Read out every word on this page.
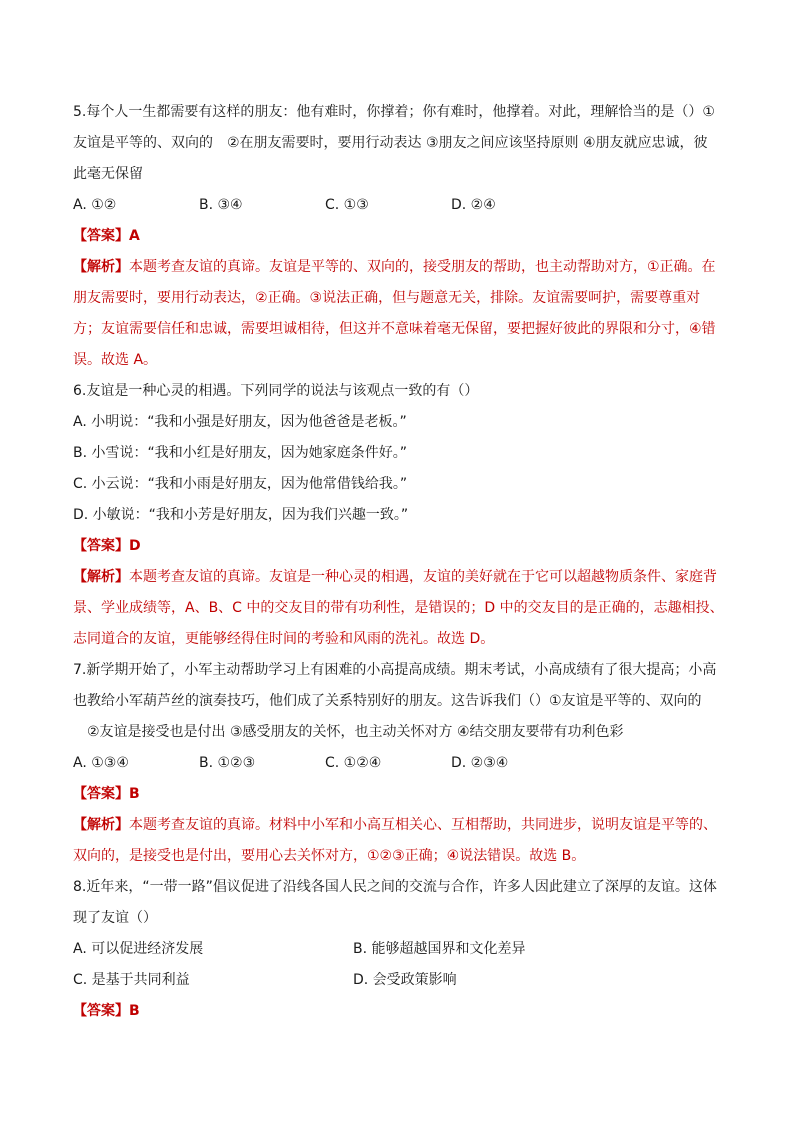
5.每个人一生都需要有这样的朋友：他有难时，你撑着；你有难时，他撑着。对此，理解恰当的是（）①
友谊是平等的、双向的　②在朋友需要时，要用行动表达 ③朋友之间应该坚持原则 ④朋友就应忠诚，彼
此毫无保留
A. ①②	B. ③④	C. ①③	D. ②④
【答案】A
【解析】本题考查友谊的真谛。友谊是平等的、双向的，接受朋友的帮助，也主动帮助对方，①正确。在
朋友需要时，要用行动表达，②正确。③说法正确，但与题意无关，排除。友谊需要呵护，需要尊重对
方；友谊需要信任和忠诚，需要坦诚相待，但这并不意味着毫无保留，要把握好彼此的界限和分寸，④错
误。故选 A。
6.友谊是一种心灵的相遇。下列同学的说法与该观点一致的有（）
A. 小明说：“我和小强是好朋友，因为他爸爸是老板。”
B. 小雪说：“我和小红是好朋友，因为她家庭条件好。”
C. 小云说：“我和小雨是好朋友，因为他常借钱给我。”
D. 小敏说：“我和小芳是好朋友，因为我们兴趣一致。”
【答案】D
【解析】本题考查友谊的真谛。友谊是一种心灵的相遇，友谊的美好就在于它可以超越物质条件、家庭背
景、学业成绩等，A、B、C 中的交友目的带有功利性，是错误的；D 中的交友目的是正确的，志趣相投、
志同道合的友谊，更能够经得住时间的考验和风雨的洗礼。故选 D。
7.新学期开始了，小军主动帮助学习上有困难的小高提高成绩。期末考试，小高成绩有了很大提高；小高
也教给小军葫芦丝的演奏技巧，他们成了关系特别好的朋友。这告诉我们（）①友谊是平等的、双向的
　②友谊是接受也是付出 ③感受朋友的关怀，也主动关怀对方 ④结交朋友要带有功利色彩
A. ①③④	B. ①②③	C. ①②④	D. ②③④
【答案】B
【解析】本题考查友谊的真谛。材料中小军和小高互相关心、互相帮助，共同进步，说明友谊是平等的、
双向的，是接受也是付出，要用心去关怀对方，①②③正确；④说法错误。故选 B。
8.近年来，“一带一路”倡议促进了沿线各国人民之间的交流与合作，许多人因此建立了深厚的友谊。这体
现了友谊（）
A. 可以促进经济发展	B. 能够超越国界和文化差异
C. 是基于共同利益	D. 会受政策影响
【答案】B
